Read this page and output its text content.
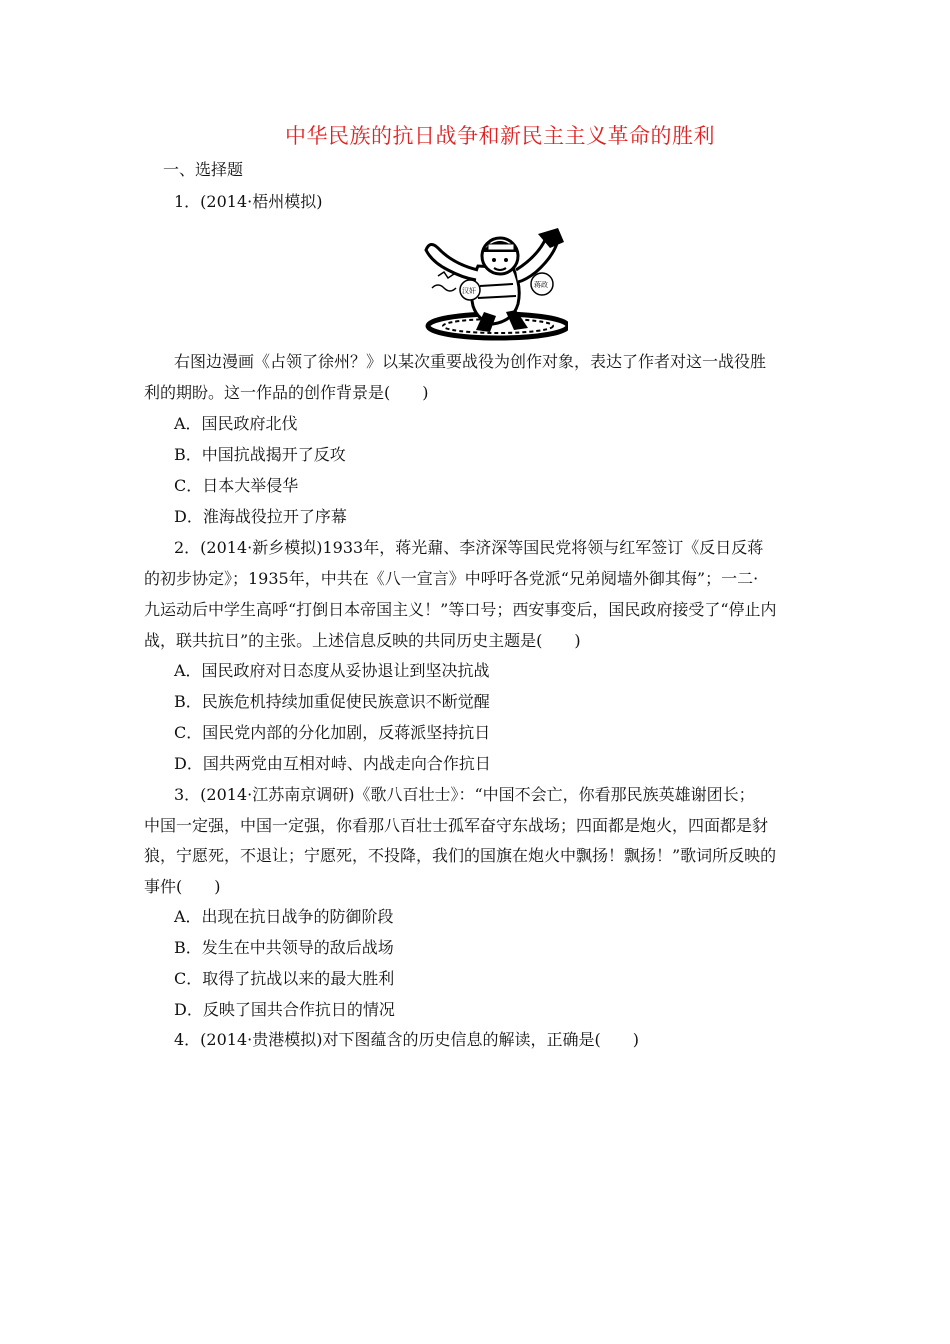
中华民族的抗日战争和新民主主义革命的胜利
一、选择题
1．(2014·梧州模拟)
汉奸
蒋政
右图边漫画《占领了徐州？》以某次重要战役为创作对象，表达了作者对这一战役胜
利的期盼。这一作品的创作背景是(　　)
A．国民政府北伐
B．中国抗战揭开了反攻
C．日本大举侵华
D．淮海战役拉开了序幕
2．(2014·新乡模拟)1933年，蒋光鼐、李济深等国民党将领与红军签订《反日反蒋
的初步协定》；1935年，中共在《八一宣言》中呼吁各党派“兄弟阋墙外御其侮”；一二·
九运动后中学生高呼“打倒日本帝国主义！”等口号；西安事变后，国民政府接受了“停止内
战，联共抗日”的主张。上述信息反映的共同历史主题是(　　)
A．国民政府对日态度从妥协退让到坚决抗战
B．民族危机持续加重促使民族意识不断觉醒
C．国民党内部的分化加剧，反蒋派坚持抗日
D．国共两党由互相对峙、内战走向合作抗日
3．(2014·江苏南京调研)《歌八百壮士》：“中国不会亡，你看那民族英雄谢团长；
中国一定强，中国一定强，你看那八百壮士孤军奋守东战场；四面都是炮火，四面都是豺
狼，宁愿死，不退让；宁愿死，不投降，我们的国旗在炮火中飘扬！飘扬！”歌词所反映的
事件(　　)
A．出现在抗日战争的防御阶段
B．发生在中共领导的敌后战场
C．取得了抗战以来的最大胜利
D．反映了国共合作抗日的情况
4．(2014·贵港模拟)对下图蕴含的历史信息的解读，正确是(　　)
